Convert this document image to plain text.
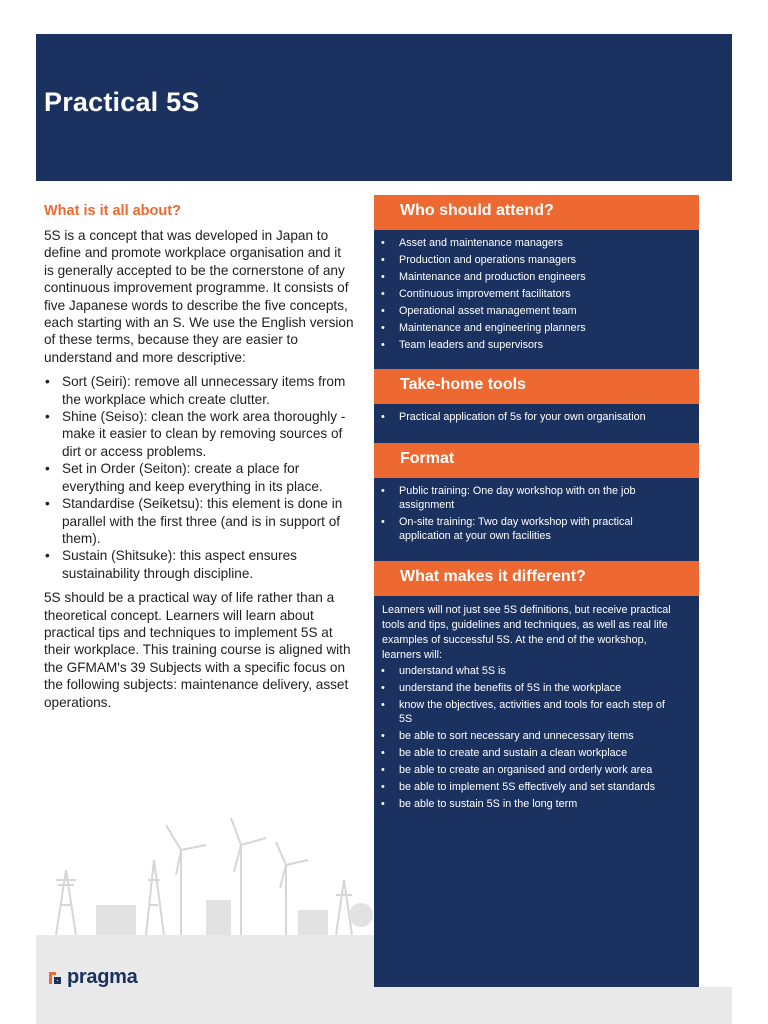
Practical 5S
What is it all about?

5S is a concept that was developed in Japan to define and promote workplace organisation and it is generally accepted to be the cornerstone of any continuous improvement programme. It consists of five Japanese words to describe the five concepts, each starting with an S. We use the English version of these terms, because they are easier to understand and more descriptive:

• Sort (Seiri): remove all unnecessary items from the workplace which create clutter.
• Shine (Seiso): clean the work area thoroughly - make it easier to clean by removing sources of dirt or access problems.
• Set in Order (Seiton): create a place for everything and keep everything in its place.
• Standardise (Seiketsu): this element is done in parallel with the first three (and is in support of them).
• Sustain (Shitsuke): this aspect ensures sustainability through discipline.

5S should be a practical way of life rather than a theoretical concept. Learners will learn about practical tips and techniques to implement 5S at their workplace. This training course is aligned with the GFMAM's 39 Subjects with a specific focus on the following subjects: maintenance delivery, asset operations.

pragma
Who should attend?
• Asset and maintenance managers
• Production and operations managers
• Maintenance and production engineers
• Continuous improvement facilitators
• Operational asset management team
• Maintenance and engineering planners
• Team leaders and supervisors
Take-home tools
• Practical application of 5s for your own organisation
Format
• Public training: One day workshop with on the job assignment
• On-site training: Two day workshop with practical application at your own facilities
What makes it different?

Learners will not just see 5S definitions, but receive practical tools and tips, guidelines and techniques, as well as real life examples of successful 5S. At the end of the workshop, learners will:

• understand what 5S is
• understand the benefits of 5S in the workplace
• know the objectives, activities and tools for each step of 5S
• be able to sort necessary and unnecessary items
• be able to create and sustain a clean workplace
• be able to create an organised and orderly work area
• be able to implement 5S effectively and set standards
• be able to sustain 5S in the long term
